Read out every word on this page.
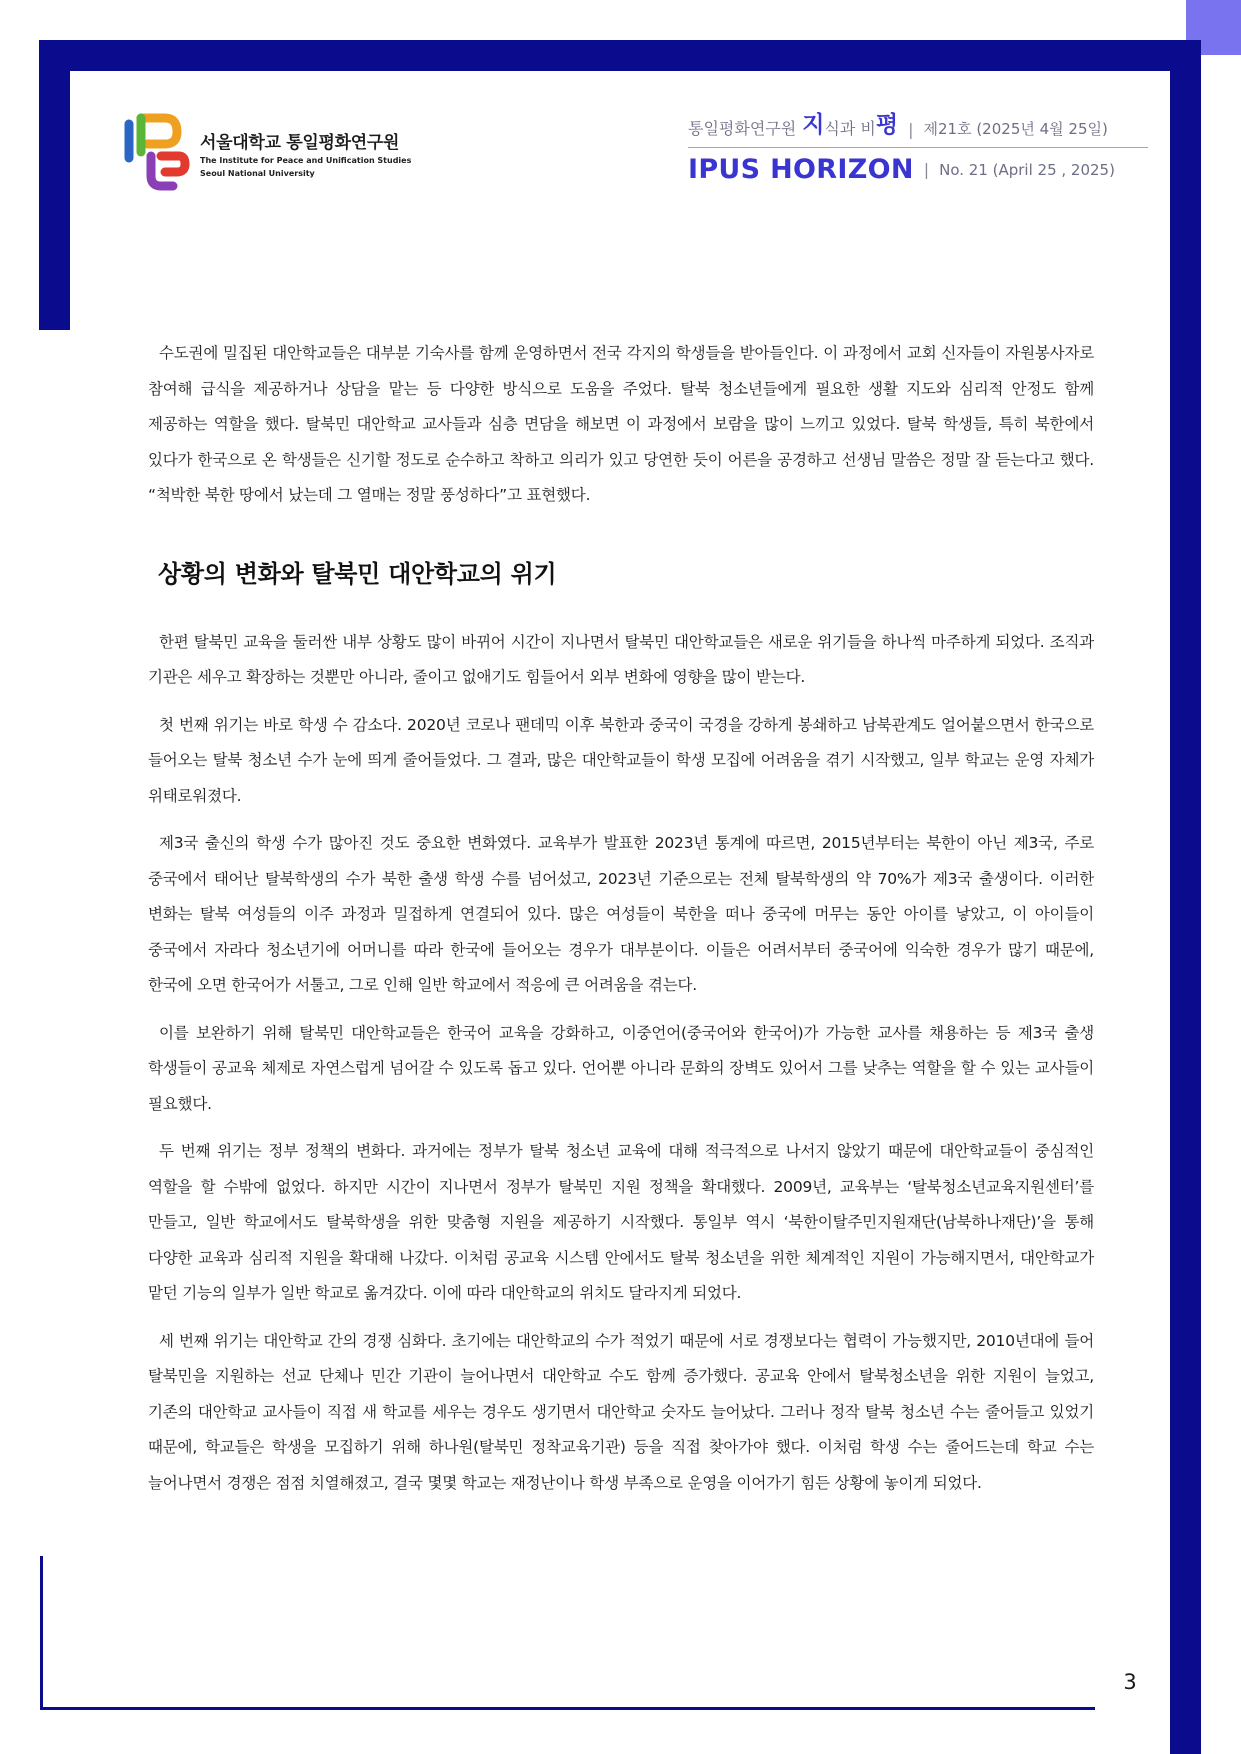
서울대학교 통일평화연구원
The Institute for Peace and Unification Studies
Seoul National University
통일평화연구원 지 식과 비 평 | 제21호 (2025년 4월 25일)
IPUS HORIZON | No. 21 (April 25 , 2025)

수도권에 밀집된 대안학교들은 대부분 기숙사를 함께 운영하면서 전국 각지의 학생들을 받아들인다. 이 과정에서 교회 신자들이 자원봉사자로 참여해 급식을 제공하거나 상담을 맡는 등 다양한 방식으로 도움을 주었다. 탈북 청소년들에게 필요한 생활 지도와 심리적 안정도 함께 제공하는 역할을 했다. 탈북민 대안학교 교사들과 심층 면담을 해보면 이 과정에서 보람을 많이 느끼고 있었다. 탈북 학생들, 특히 북한에서 있다가 한국으로 온 학생들은 신기할 정도로 순수하고 착하고 의리가 있고 당연한 듯이 어른을 공경하고 선생님 말씀은 정말 잘 듣는다고 했다. “척박한 북한 땅에서 났는데 그 열매는 정말 풍성하다”고 표현했다.

상황의 변화와 탈북민 대안학교의 위기

한편 탈북민 교육을 둘러싼 내부 상황도 많이 바뀌어 시간이 지나면서 탈북민 대안학교들은 새로운 위기들을 하나씩 마주하게 되었다. 조직과 기관은 세우고 확장하는 것뿐만 아니라, 줄이고 없애기도 힘들어서 외부 변화에 영향을 많이 받는다.

첫 번째 위기는 바로 학생 수 감소다. 2020년 코로나 팬데믹 이후 북한과 중국이 국경을 강하게 봉쇄하고 남북관계도 얼어붙으면서 한국으로 들어오는 탈북 청소년 수가 눈에 띄게 줄어들었다. 그 결과, 많은 대안학교들이 학생 모집에 어려움을 겪기 시작했고, 일부 학교는 운영 자체가 위태로워졌다.

제3국 출신의 학생 수가 많아진 것도 중요한 변화였다. 교육부가 발표한 2023년 통계에 따르면, 2015년부터는 북한이 아닌 제3국, 주로 중국에서 태어난 탈북학생의 수가 북한 출생 학생 수를 넘어섰고, 2023년 기준으로는 전체 탈북학생의 약 70%가 제3국 출생이다. 이러한 변화는 탈북 여성들의 이주 과정과 밀접하게 연결되어 있다. 많은 여성들이 북한을 떠나 중국에 머무는 동안 아이를 낳았고, 이 아이들이 중국에서 자라다 청소년기에 어머니를 따라 한국에 들어오는 경우가 대부분이다. 이들은 어려서부터 중국어에 익숙한 경우가 많기 때문에, 한국에 오면 한국어가 서툴고, 그로 인해 일반 학교에서 적응에 큰 어려움을 겪는다.

이를 보완하기 위해 탈북민 대안학교들은 한국어 교육을 강화하고, 이중언어(중국어와 한국어)가 가능한 교사를 채용하는 등 제3국 출생 학생들이 공교육 체제로 자연스럽게 넘어갈 수 있도록 돕고 있다. 언어뿐 아니라 문화의 장벽도 있어서 그를 낮추는 역할을 할 수 있는 교사들이 필요했다.

두 번째 위기는 정부 정책의 변화다. 과거에는 정부가 탈북 청소년 교육에 대해 적극적으로 나서지 않았기 때문에 대안학교들이 중심적인 역할을 할 수밖에 없었다. 하지만 시간이 지나면서 정부가 탈북민 지원 정책을 확대했다. 2009년, 교육부는 ‘탈북청소년교육지원센터’를 만들고, 일반 학교에서도 탈북학생을 위한 맞춤형 지원을 제공하기 시작했다. 통일부 역시 ‘북한이탈주민지원재단(남북하나재단)’을 통해 다양한 교육과 심리적 지원을 확대해 나갔다. 이처럼 공교육 시스템 안에서도 탈북 청소년을 위한 체계적인 지원이 가능해지면서, 대안학교가 맡던 기능의 일부가 일반 학교로 옮겨갔다. 이에 따라 대안학교의 위치도 달라지게 되었다.

세 번째 위기는 대안학교 간의 경쟁 심화다. 초기에는 대안학교의 수가 적었기 때문에 서로 경쟁보다는 협력이 가능했지만, 2010년대에 들어 탈북민을 지원하는 선교 단체나 민간 기관이 늘어나면서 대안학교 수도 함께 증가했다. 공교육 안에서 탈북청소년을 위한 지원이 늘었고, 기존의 대안학교 교사들이 직접 새 학교를 세우는 경우도 생기면서 대안학교 숫자도 늘어났다. 그러나 정작 탈북 청소년 수는 줄어들고 있었기 때문에, 학교들은 학생을 모집하기 위해 하나원(탈북민 정착교육기관) 등을 직접 찾아가야 했다. 이처럼 학생 수는 줄어드는데 학교 수는 늘어나면서 경쟁은 점점 치열해졌고, 결국 몇몇 학교는 재정난이나 학생 부족으로 운영을 이어가기 힘든 상황에 놓이게 되었다.

3
